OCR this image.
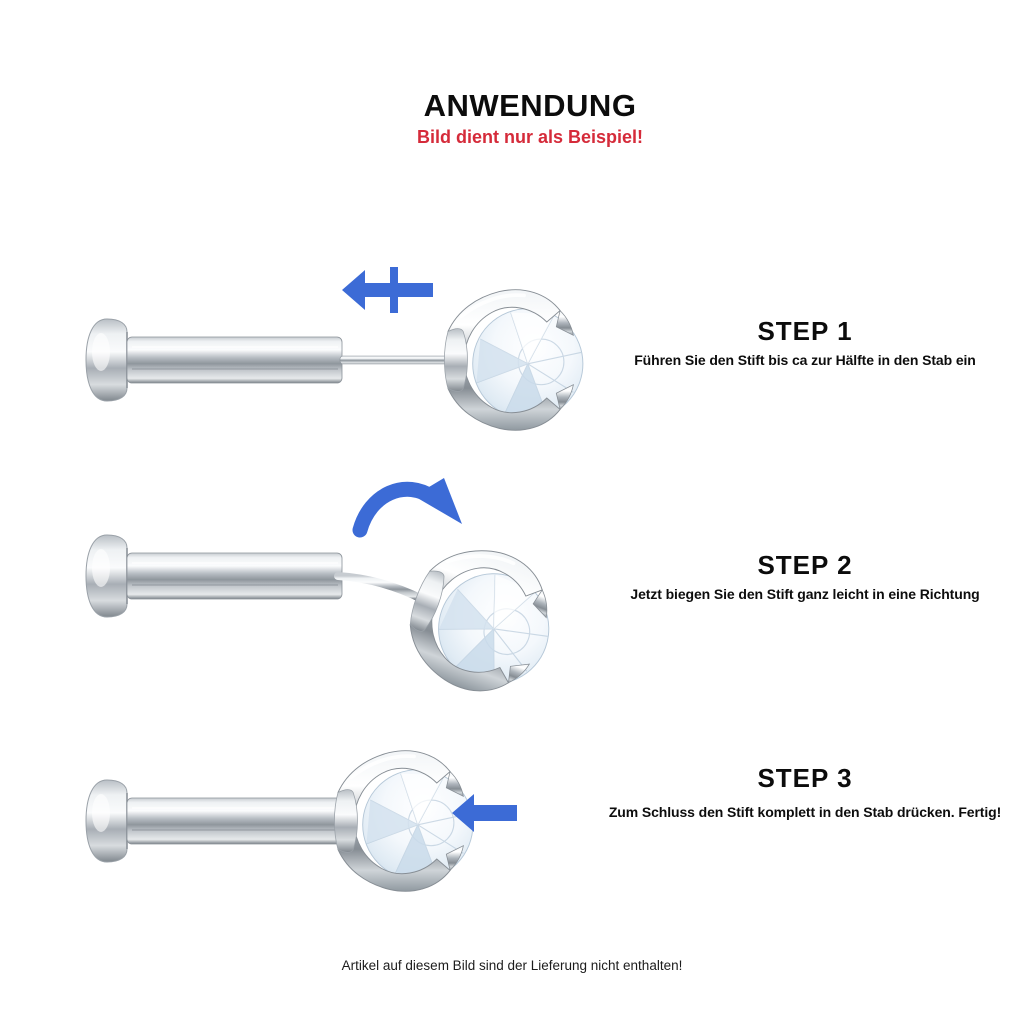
ANWENDUNG
Bild dient nur als Beispiel!
STEP 1
Führen Sie den Stift bis ca zur Hälfte in den Stab ein
STEP 2
Jetzt biegen Sie den Stift ganz leicht in eine Richtung
STEP 3
Zum Schluss den Stift komplett in den Stab drücken. Fertig!
Artikel auf diesem Bild sind der Lieferung nicht enthalten!
